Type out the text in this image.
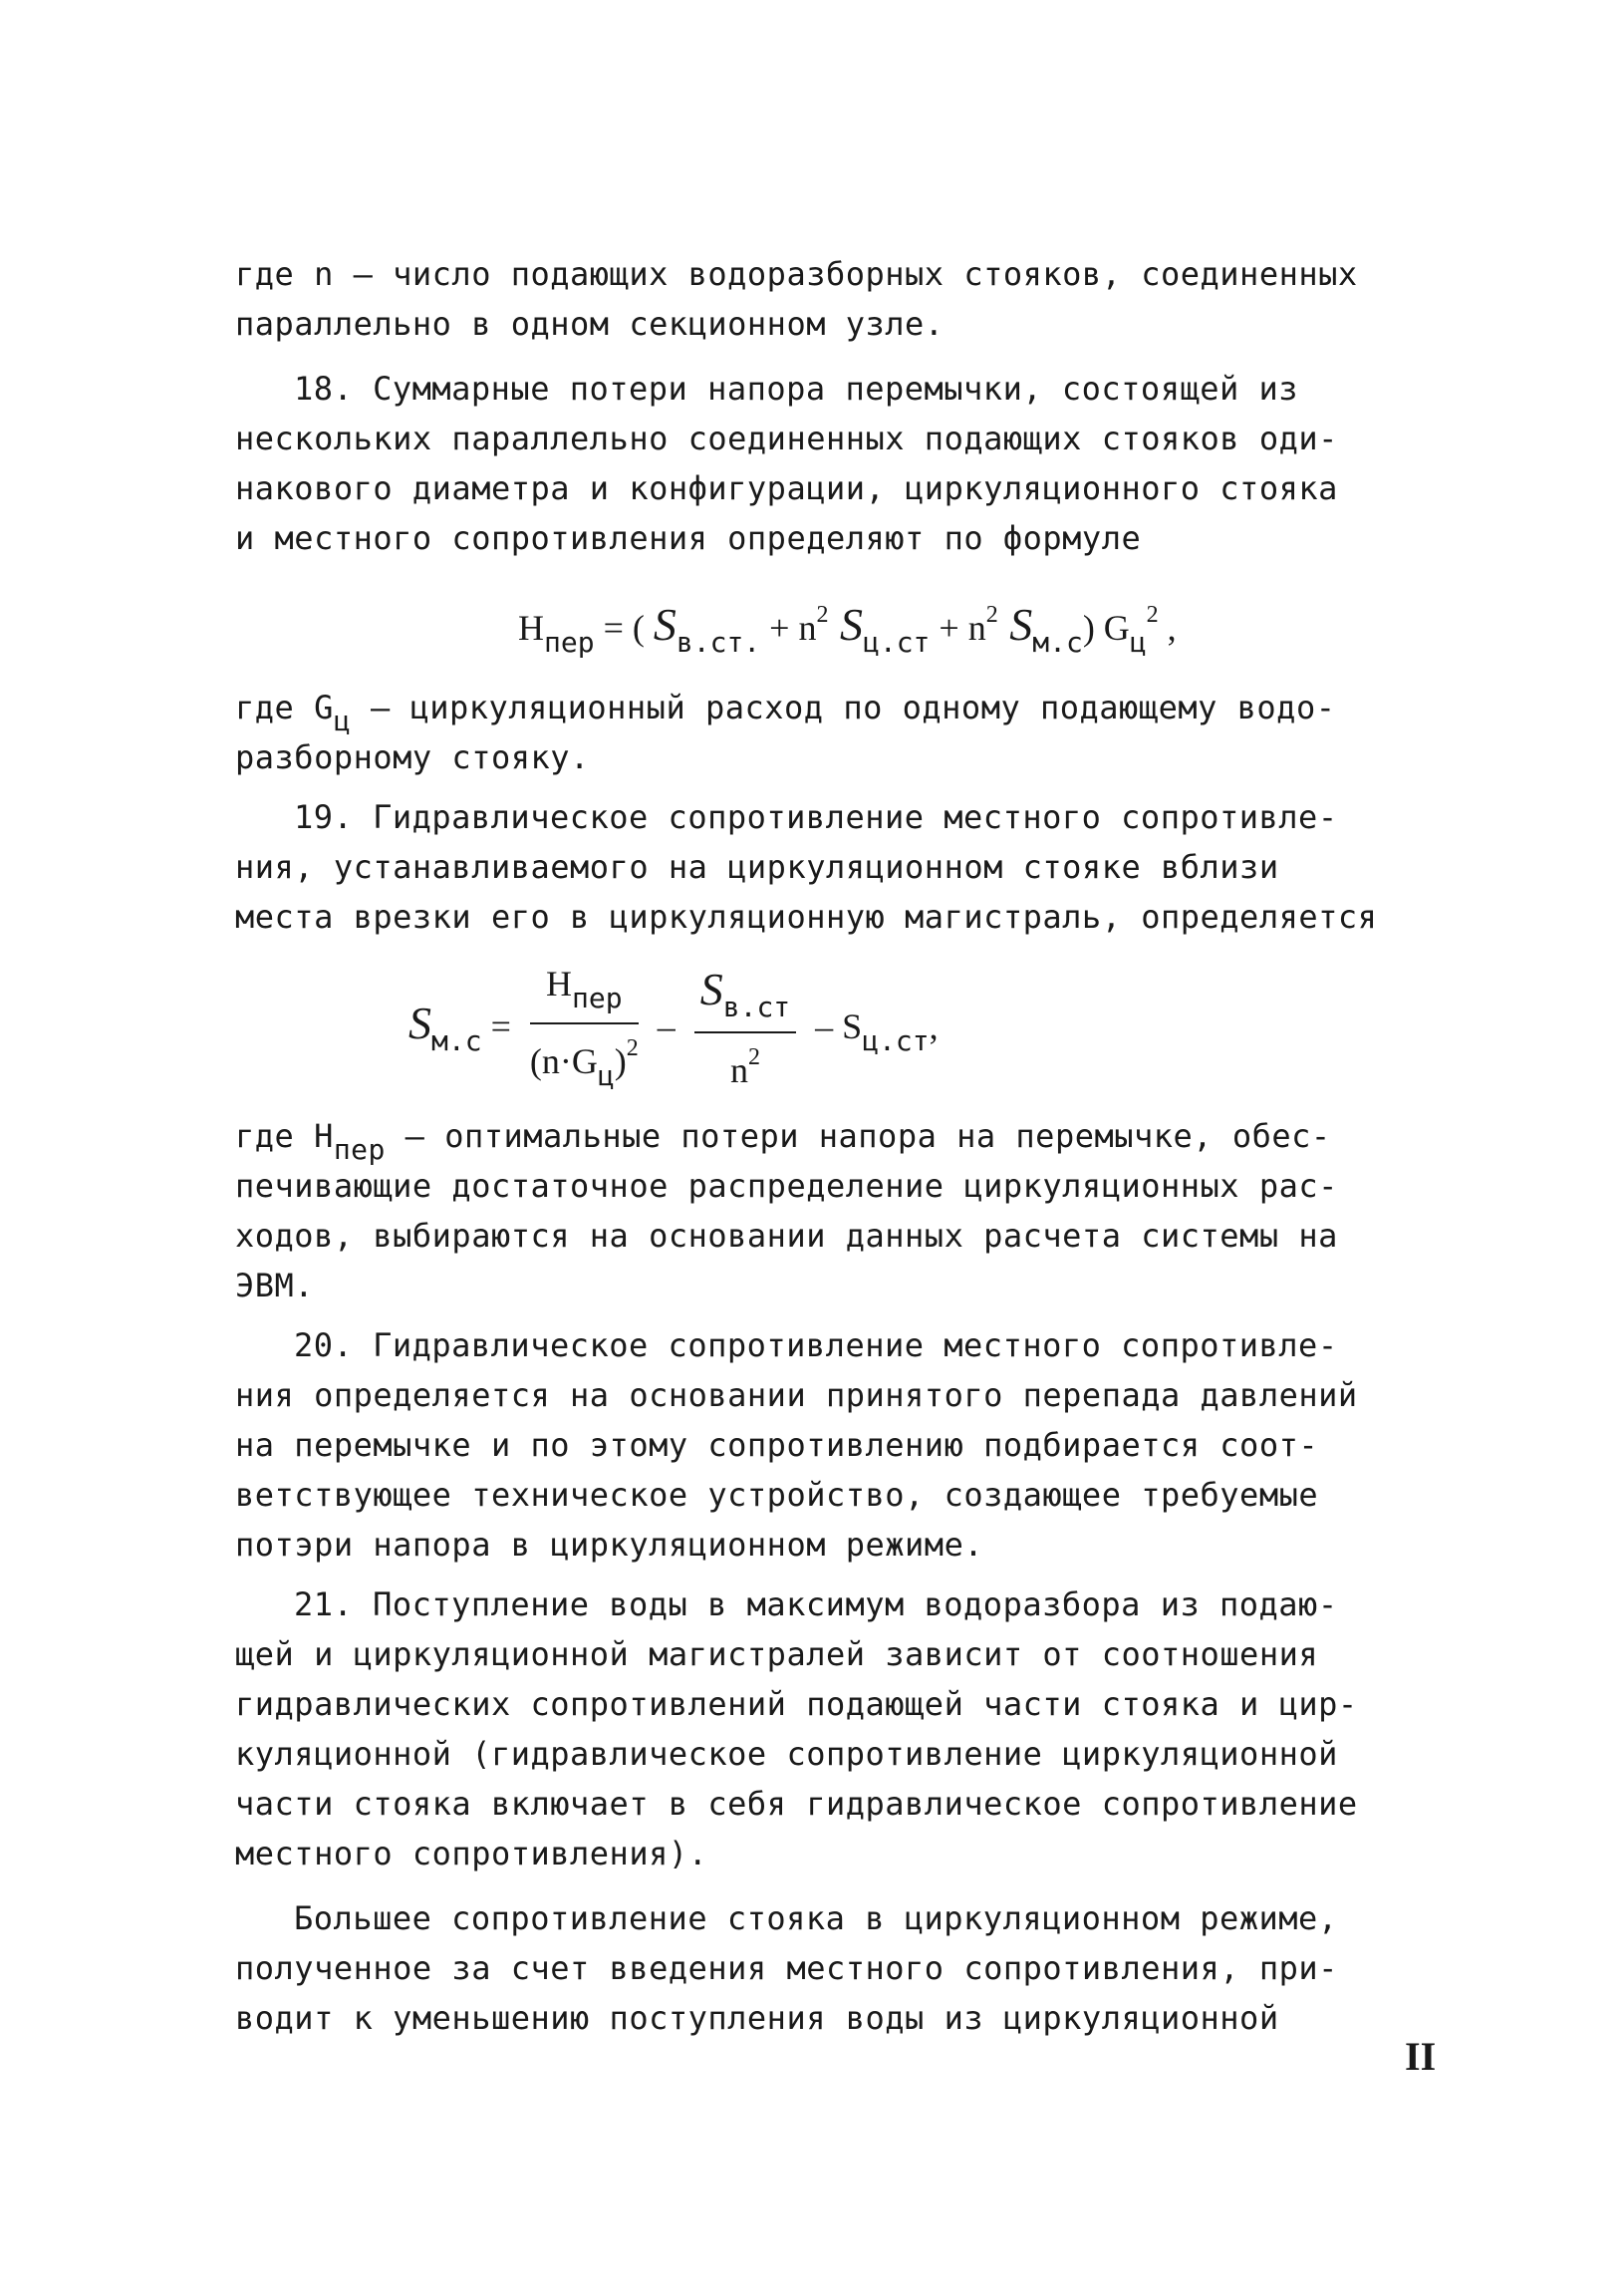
где n – число подающих водоразборных стояков, соединенных
параллельно в одном секционном узле.
18. Суммарные потери напора перемычки, состоящей из
нескольких параллельно соединенных подающих стояков оди-
накового диаметра и конфигурации, циркуляционного стояка
и местного сопротивления определяют по формуле
$H_{пер}$ = ( $S_{в.ст.} + n^2$ $S_{ц.ст} + n^2$ $S_{м.с}$) $G_ц^2$ ,
где Gц – циркуляционный расход по одному подающему водо-
разборному стояку.
19. Гидравлическое сопротивление местного сопротивле-
ния, устанавливаемого на циркуляционном стояке вблизи
места врезки его в циркуляционную магистраль, определяется
$S_{м.с} = \frac{H_{пер}}{(n\cdot G_ц)^2} - \frac{S_{в.ст}}{n^2} - S_{ц.ст}$,
где Hпер – оптимальные потери напора на перемычке, обес-
печивающие достаточное распределение циркуляционных рас-
ходов, выбираются на основании данных расчета системы на
ЭВМ.
20. Гидравлическое сопротивление местного сопротивле-
ния определяется на основании принятого перепада давлений
на перемычке и по этому сопротивлению подбирается соот-
ветствующее техническое устройство, создающее требуемые
потэри напора в циркуляционном режиме.
21. Поступление воды в максимум водоразбора из подаю-
щей и циркуляционной магистралей зависит от соотношения
гидравлических сопротивлений подающей части стояка и цир-
куляционной (гидравлическое сопротивление циркуляционной
части стояка включает в себя гидравлическое сопротивление
местного сопротивления).
Большее сопротивление стояка в циркуляционном режиме,
полученное за счет введения местного сопротивления, при-
водит к уменьшению поступления воды из циркуляционной
II
